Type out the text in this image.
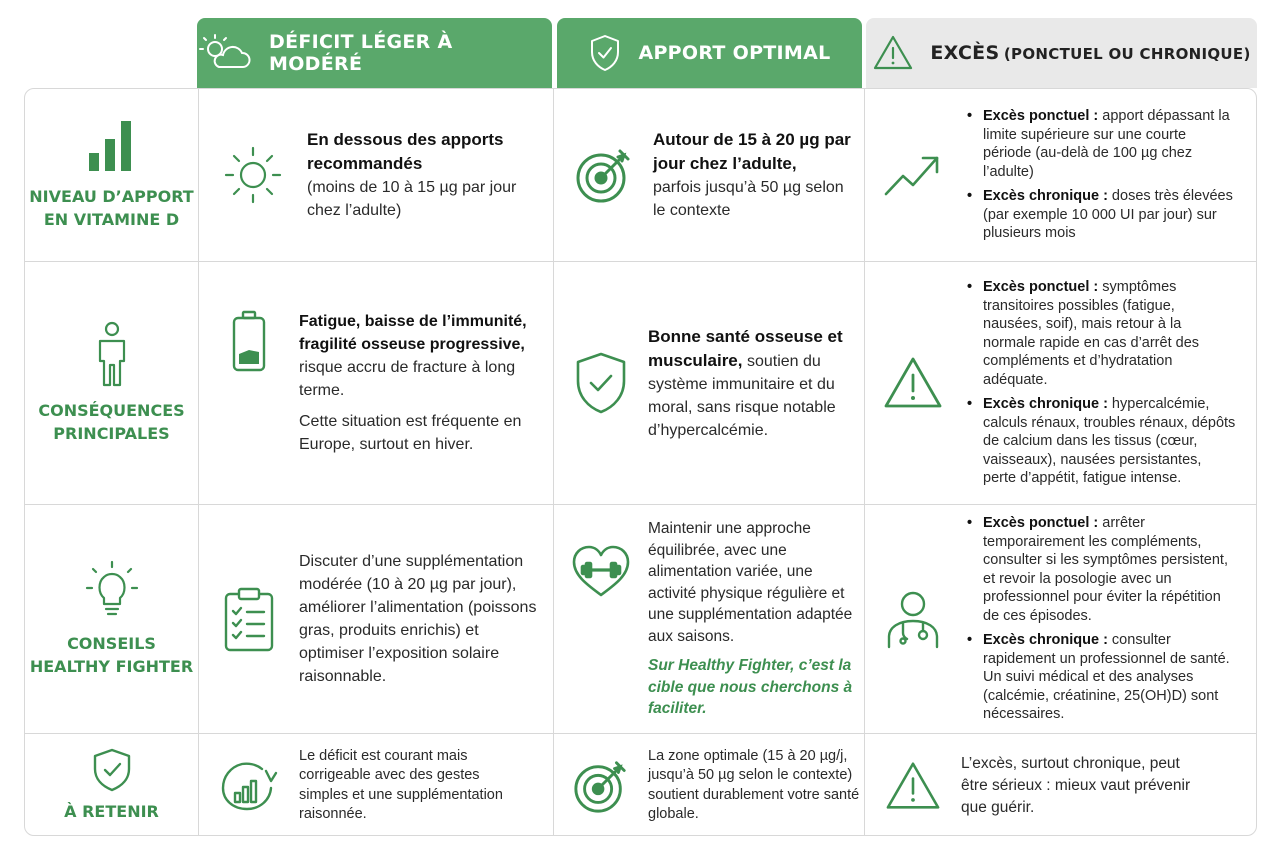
DÉFICIT LÉGER À MODÉRÉ	APPORT OPTIMAL	EXCÈS (PONCTUEL OU CHRONIQUE)
NIVEAU D’APPORT
EN VITAMINE D
En dessous des apports recommandés
(moins de 10 à 15 µg par jour chez l’adulte)
Autour de 15 à 20 µg par jour chez l’adulte,
parfois jusqu’à 50 µg selon le contexte
• Excès ponctuel : apport dépassant la limite supérieure sur une courte période (au-delà de 100 µg chez l’adulte)
• Excès chronique : doses très élevées (par exemple 10 000 UI par jour) sur plusieurs mois
CONSÉQUENCES
PRINCIPALES

Fatigue, baisse de l’immunité, fragilité osseuse progressive, risque accru de fracture à long terme.

Cette situation est fréquente en Europe, surtout en hiver.

Bonne santé osseuse et musculaire, soutien du système immunitaire et du moral, sans risque notable d’hypercalcémie.
• Excès ponctuel : symptômes transitoires possibles (fatigue, nausées, soif), mais retour à la normale rapide en cas d’arrêt des compléments et d’hydratation adéquate.
• Excès chronique : hypercalcémie, calculs rénaux, troubles rénaux, dépôts de calcium dans les tissus (cœur, vaisseaux), nausées persistantes, perte d’appétit, fatigue intense.
CONSEILS
HEALTHY FIGHTER
Discuter d’une supplémentation modérée (10 à 20 µg par jour), améliorer l’alimentation (poissons gras, produits enrichis) et optimiser l’exposition solaire raisonnable.

Maintenir une approche équilibrée, avec une alimentation variée, une activité physique régulière et une supplémentation adaptée aux saisons.

Sur Healthy Fighter, c’est la cible que nous cherchons à faciliter.

• Excès ponctuel : arrêter temporairement les compléments, consulter si les symptômes persistent, et revoir la posologie avec un professionnel pour éviter la répétition de ces épisodes.
• Excès chronique : consulter rapidement un professionnel de santé. Un suivi médical et des analyses (calcémie, créatinine, 25(OH)D) sont nécessaires.
À RETENIR
Le déficit est courant mais corrigeable avec des gestes simples et une supplémentation raisonnée.
La zone optimale (15 à 20 µg/j, jusqu’à 50 µg selon le contexte) soutient durablement votre santé globale.
L’excès, surtout chronique, peut être sérieux : mieux vaut prévenir que guérir.
